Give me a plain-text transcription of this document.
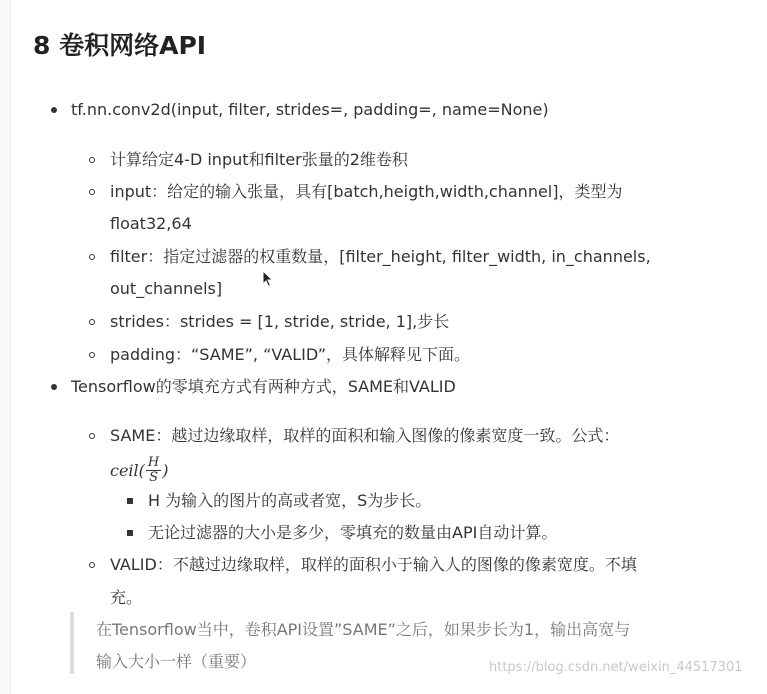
8 卷积网络API
tf.nn.conv2d(input, filter, strides=, padding=, name=None)
计算给定4-D input和filter张量的2维卷积
input：给定的输入张量，具有[batch,heigth,width,channel]，类型为
float32,64
filter：指定过滤器的权重数量，[filter_height, filter_width, in_channels,
out_channels]
strides：strides = [1, stride, stride, 1],步长
padding：“SAME”, “VALID”，具体解释见下面。
Tensorflow的零填充方式有两种方式，SAME和VALID
SAME：越过边缘取样，取样的面积和输入图像的像素宽度一致。公式：
ceil( $\frac{H}{S}$ )
H 为输入的图片的高或者宽，S为步长。
无论过滤器的大小是多少，零填充的数量由API自动计算。
VALID：不越过边缘取样，取样的面积小于输入人的图像的像素宽度。不填
充。
在Tensorflow当中，卷积API设置”SAME”之后，如果步长为1，输出高宽与
输入大小一样（重要）	https://blog.csdn.net/weixin_44517301
